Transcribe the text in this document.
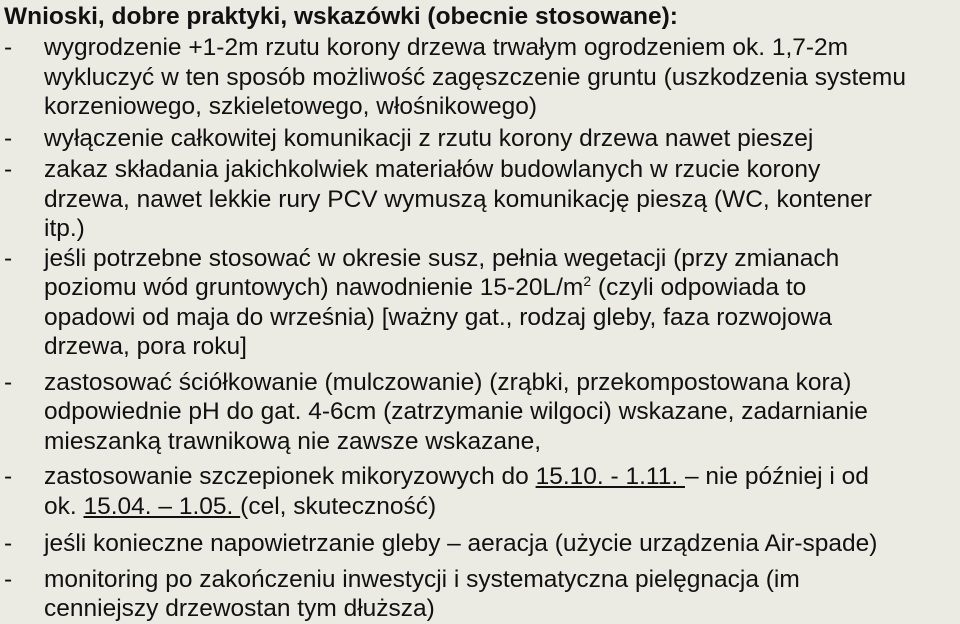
Wnioski, dobre praktyki, wskazówki (obecnie stosowane):
- wygrodzenie +1-2m rzutu korony drzewa trwałym ogrodzeniem ok. 1,7-2m
wykluczyć w ten sposób możliwość zagęszczenie gruntu (uszkodzenia systemu
korzeniowego, szkieletowego, włośnikowego)
- wyłączenie całkowitej komunikacji z rzutu korony drzewa nawet pieszej
- zakaz składania jakichkolwiek materiałów budowlanych w rzucie korony
drzewa, nawet lekkie rury PCV wymuszą komunikację pieszą (WC, kontener
itp.)
- jeśli potrzebne stosować w okresie susz, pełnia wegetacji (przy zmianach
poziomu wód gruntowych) nawodnienie $15-20L/m^2$ (czyli odpowiada to
opadowi od maja do września) [ważny gat., rodzaj gleby, faza rozwojowa
drzewa, pora roku]
- zastosować ściółkowanie (mulczowanie) (zrąbki, przekompostowana kora)
odpowiednie pH do gat. 4-6cm (zatrzymanie wilgoci) wskazane, zadarnianie
mieszanką trawnikową nie zawsze wskazane,
- zastosowanie szczepionek mikoryzowych do 15.10. - 1.11. – nie później i od
ok. 15.04. – 1.05. (cel, skuteczność)
- jeśli konieczne napowietrzanie gleby – aeracja (użycie urządzenia Air-spade)
- monitoring po zakończeniu inwestycji i systematyczna pielęgnacja (im
cenniejszy drzewostan tym dłuższa)
